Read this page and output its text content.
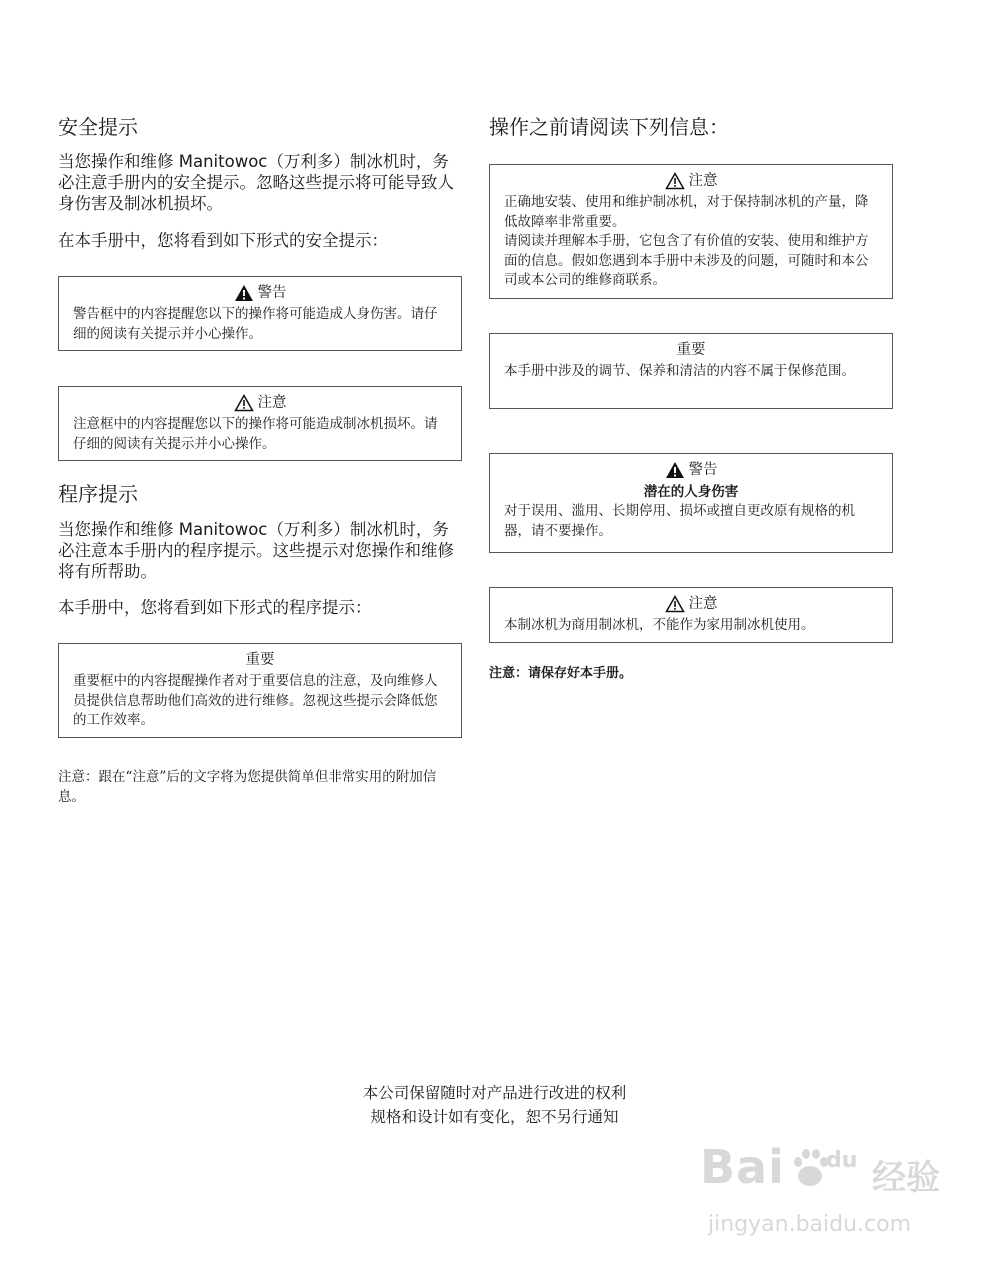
安全提示

当您操作和维修 Manitowoc（万利多）制冰机时，务必注意手册内的安全提示。忽略这些提示将可能导致人身伤害及制冰机损坏。

在本手册中，您将看到如下形式的安全提示：

警告

警告框中的内容提醒您以下的操作将可能造成人身伤害。请仔细的阅读有关提示并小心操作。

注意

注意框中的内容提醒您以下的操作将可能造成制冰机损坏。请仔细的阅读有关提示并小心操作。

程序提示

当您操作和维修 Manitowoc（万利多）制冰机时，务必注意本手册内的程序提示。这些提示对您操作和维修将有所帮助。

本手册中，您将看到如下形式的程序提示：

重要

重要框中的内容提醒操作者对于重要信息的注意，及向维修人员提供信息帮助他们高效的进行维修。忽视这些提示会降低您的工作效率。

注意：跟在“注意”后的文字将为您提供简单但非常实用的附加信息。

操作之前请阅读下列信息：
注意

正确地安装、使用和维护制冰机，对于保持制冰机的产量，降低故障率非常重要。

请阅读并理解本手册，它包含了有价值的安装、使用和维护方面的信息。假如您遇到本手册中未涉及的问题，可随时和本公司或本公司的维修商联系。

重要

本手册中涉及的调节、保养和清洁的内容不属于保修范围。

警告
潜在的人身伤害

对于误用、滥用、长期停用、损坏或擅自更改原有规格的机器，请不要操作。

注意

本制冰机为商用制冰机，不能作为家用制冰机使用。

注意：请保存好本手册。

本公司保留随时对产品进行改进的权利
规格和设计如有变化，恕不另行通知
Bai du 经验
jingyan.baidu.com
